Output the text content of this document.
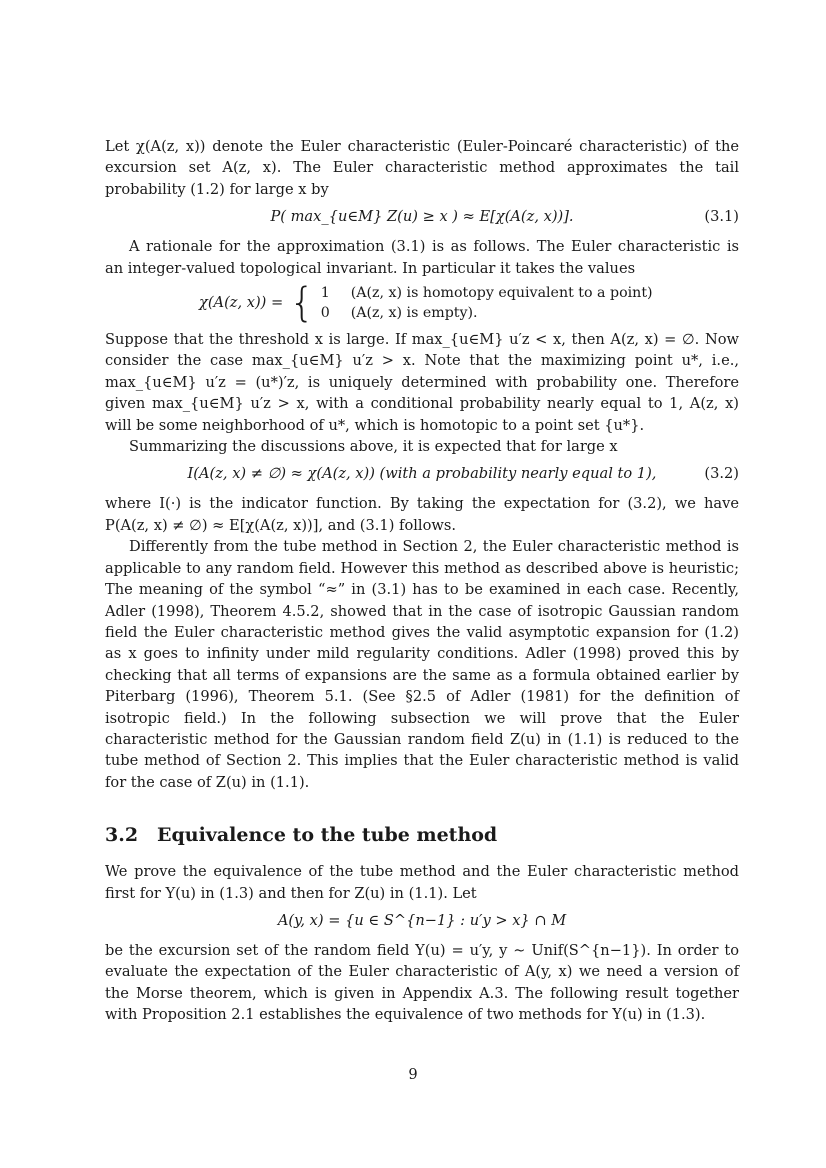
Let χ(A(z, x)) denote the Euler characteristic (Euler-Poincaré characteristic) of the excursion set A(z, x). The Euler characteristic method approximates the tail probability (1.2) for large x by

P( max_{u∈M} Z(u) ≥ x ) ≈ E[χ(A(z, x))].	(3.1)

A rationale for the approximation (3.1) is as follows. The Euler characteristic is an integer-valued topological invariant. In particular it takes the values

χ(A(z, x)) = { 1 (A(z, x) is homotopy equivalent to a point)
0 (A(z, x) is empty).

Suppose that the threshold x is large. If max_{u∈M} u′z < x, then A(z, x) = ∅. Now consider the case max_{u∈M} u′z > x. Note that the maximizing point u*, i.e., max_{u∈M} u′z = (u*)′z, is uniquely determined with probability one. Therefore given max_{u∈M} u′z > x, with a conditional probability nearly equal to 1, A(z, x) will be some neighborhood of u*, which is homotopic to a point set {u*}.

Summarizing the discussions above, it is expected that for large x

I(A(z, x) ≠ ∅) ≈ χ(A(z, x)) (with a probability nearly equal to 1),	(3.2)

where I(·) is the indicator function. By taking the expectation for (3.2), we have P(A(z, x) ≠ ∅) ≈ E[χ(A(z, x))], and (3.1) follows.

Differently from the tube method in Section 2, the Euler characteristic method is applicable to any random field. However this method as described above is heuristic; The meaning of the symbol “≈” in (3.1) has to be examined in each case. Recently, Adler (1998), Theorem 4.5.2, showed that in the case of isotropic Gaussian random field the Euler characteristic method gives the valid asymptotic expansion for (1.2) as x goes to infinity under mild regularity conditions. Adler (1998) proved this by checking that all terms of expansions are the same as a formula obtained earlier by Piterbarg (1996), Theorem 5.1. (See §2.5 of Adler (1981) for the definition of isotropic field.) In the following subsection we will prove that the Euler characteristic method for the Gaussian random field Z(u) in (1.1) is reduced to the tube method of Section 2. This implies that the Euler characteristic method is valid for the case of Z(u) in (1.1).

3.2 Equivalence to the tube method

We prove the equivalence of the tube method and the Euler characteristic method first for Y(u) in (1.3) and then for Z(u) in (1.1). Let

A(y, x) = {u ∈ S^{n−1} : u′y > x} ∩ M

be the excursion set of the random field Y(u) = u′y, y ∼ Unif(S^{n−1}). In order to evaluate the expectation of the Euler characteristic of A(y, x) we need a version of the Morse theorem, which is given in Appendix A.3. The following result together with Proposition 2.1 establishes the equivalence of two methods for Y(u) in (1.3).

9
